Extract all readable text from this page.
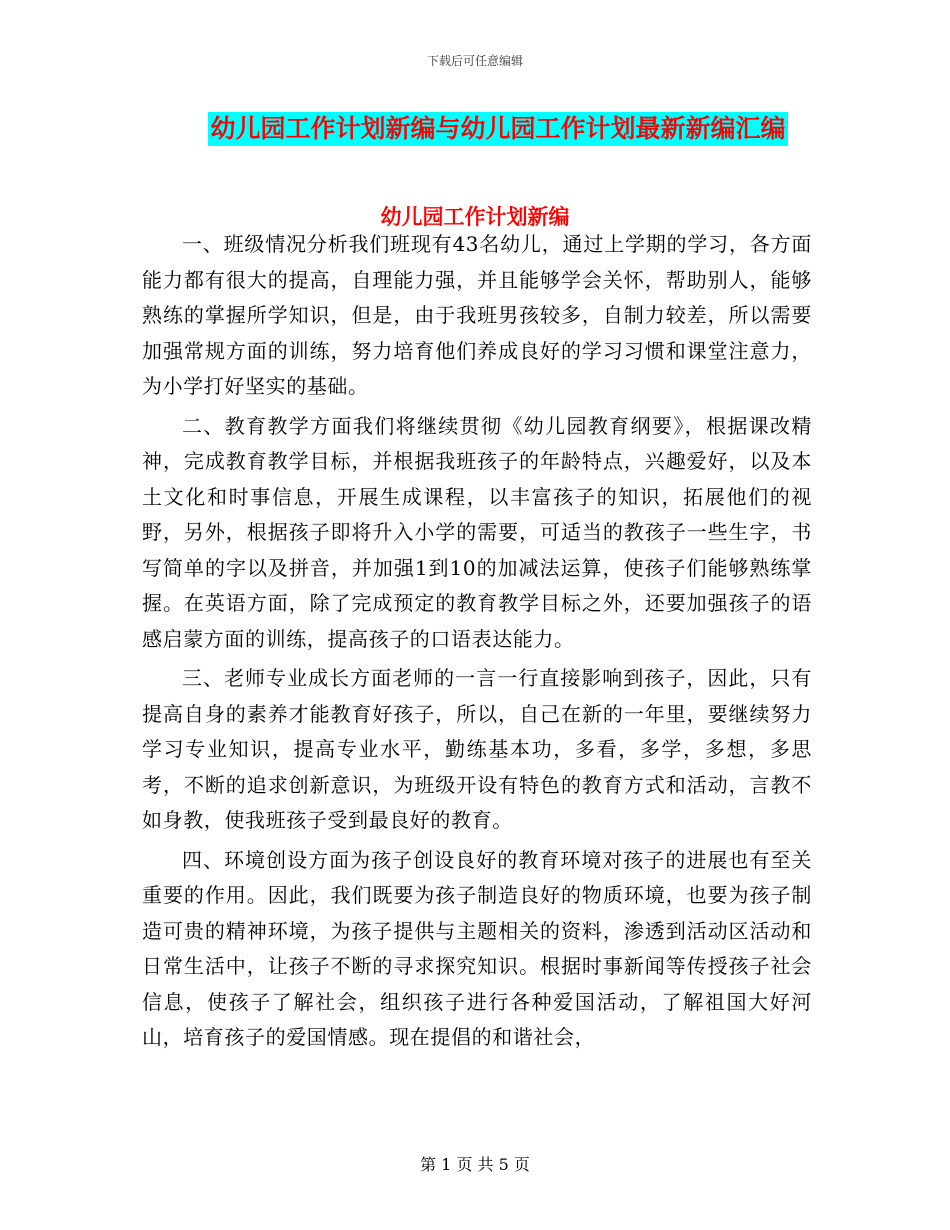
下载后可任意编辑
幼儿园工作计划新编与幼儿园工作计划最新新编汇编
幼儿园工作计划新编

一、班级情况分析我们班现有43名幼儿，通过上学期的学习，各方面能力都有很大的提高，自理能力强，并且能够学会关怀，帮助别人，能够熟练的掌握所学知识，但是，由于我班男孩较多，自制力较差，所以需要加强常规方面的训练，努力培育他们养成良好的学习习惯和课堂注意力，为小学打好坚实的基础。

二、教育教学方面我们将继续贯彻《幼儿园教育纲要》，根据课改精神，完成教育教学目标，并根据我班孩子的年龄特点，兴趣爱好，以及本土文化和时事信息，开展生成课程，以丰富孩子的知识，拓展他们的视野，另外，根据孩子即将升入小学的需要，可适当的教孩子一些生字，书写简单的字以及拼音，并加强1到10的加减法运算，使孩子们能够熟练掌握。在英语方面，除了完成预定的教育教学目标之外，还要加强孩子的语感启蒙方面的训练，提高孩子的口语表达能力。

三、老师专业成长方面老师的一言一行直接影响到孩子，因此，只有提高自身的素养才能教育好孩子，所以，自己在新的一年里，要继续努力学习专业知识，提高专业水平，勤练基本功，多看，多学，多想，多思考，不断的追求创新意识，为班级开设有特色的教育方式和活动，言教不如身教，使我班孩子受到最良好的教育。

四、环境创设方面为孩子创设良好的教育环境对孩子的进展也有至关重要的作用。因此，我们既要为孩子制造良好的物质环境，也要为孩子制造可贵的精神环境，为孩子提供与主题相关的资料，渗透到活动区活动和日常生活中，让孩子不断的寻求探究知识。根据时事新闻等传授孩子社会信息，使孩子了解社会，组织孩子进行各种爱国活动，了解祖国大好河山，培育孩子的爱国情感。现在提倡的和谐社会，

第 1 页 共 5 页
